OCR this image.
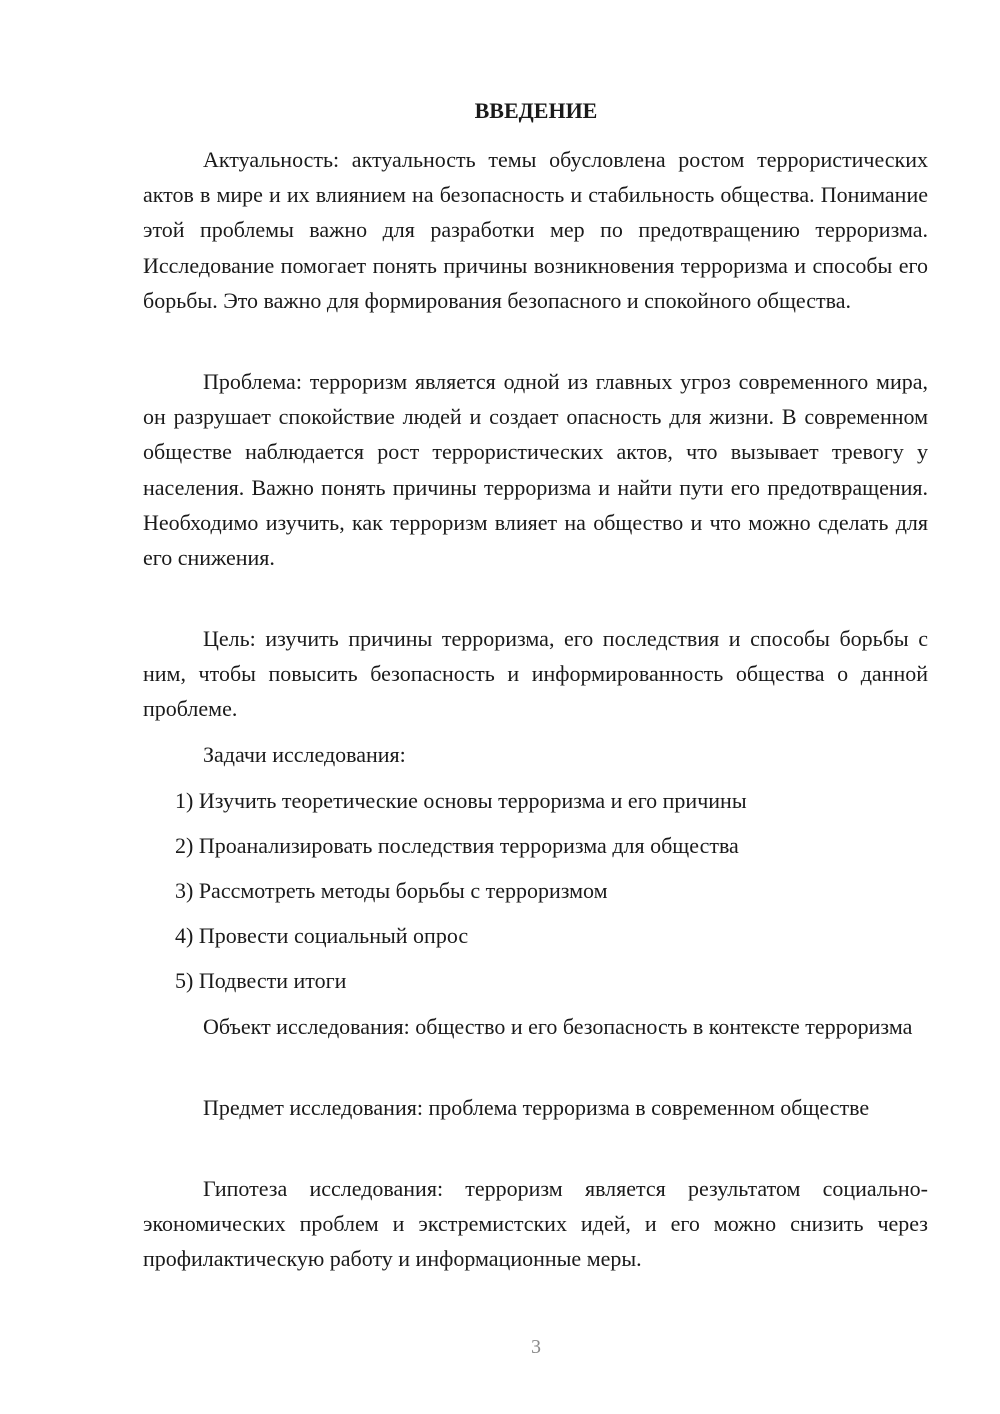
ВВЕДЕНИЕ

Актуальность: актуальность темы обусловлена ростом террористических актов в мире и их влиянием на безопасность и стабильность общества. Понимание этой проблемы важно для разработки мер по предотвращению терроризма. Исследование помогает понять причины возникновения терроризма и способы его борьбы. Это важно для формирования безопасного и спокойного общества.

Проблема: терроризм является одной из главных угроз современного мира, он разрушает спокойствие людей и создает опасность для жизни. В современном обществе наблюдается рост террористических актов, что вызывает тревогу у населения. Важно понять причины терроризма и найти пути его предотвращения. Необходимо изучить, как терроризм влияет на общество и что можно сделать для его снижения.

Цель: изучить причины терроризма, его последствия и способы борьбы с ним, чтобы повысить безопасность и информированность общества о данной проблеме.

Задачи исследования:

1) Изучить теоретические основы терроризма и его причины

2) Проанализировать последствия терроризма для общества

3) Рассмотреть методы борьбы с терроризмом

4) Провести социальный опрос

5) Подвести итоги

Объект исследования: общество и его безопасность в контексте терроризма

Предмет исследования: проблема терроризма в современном обществе

Гипотеза исследования: терроризм является результатом социально-экономических проблем и экстремистских идей, и его можно снизить через профилактическую работу и информационные меры.

3
